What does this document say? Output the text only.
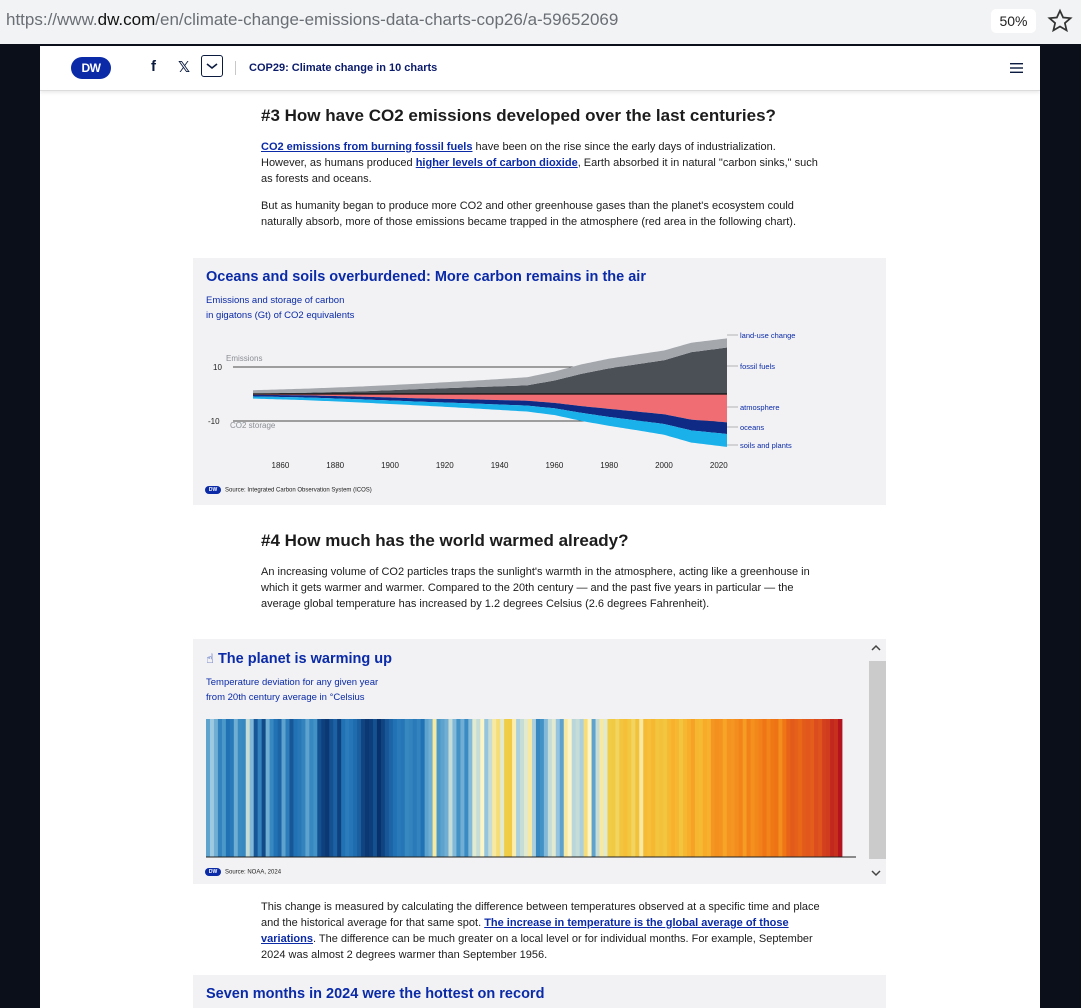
https://www.dw.com/en/climate-change-emissions-data-charts-cop26/a-59652069	50%
DW	f 𝕏	COP29: Climate change in 10 charts
#3 How have CO2 emissions developed over the last centuries?
CO2 emissions from burning fossil fuels have been on the rise since the early days of industrialization. However, as humans produced higher levels of carbon dioxide, Earth absorbed it in natural "carbon sinks," such as forests and oceans.
But as humanity began to produce more CO2 and other greenhouse gases than the planet's ecosystem could naturally absorb, more of those emissions became trapped in the atmosphere (red area in the following chart).
Oceans and soils overburdened: More carbon remains in the air
Emissions and storage of carbon
in gigatons (Gt) of CO2 equivalents
10
-10
Emissions
CO2 storage
1860	1880	1900	1920	1940	1960	1980	2000	2020
land-use change
fossil fuels
atmosphere
oceans
soils and plants
DW Source: Integrated Carbon Observation System (ICOS)
#4 How much has the world warmed already?
An increasing volume of CO2 particles traps the sunlight's warmth in the atmosphere, acting like a greenhouse in which it gets warmer and warmer. Compared to the 20th century — and the past five years in particular — the average global temperature has increased by 1.2 degrees Celsius (2.6 degrees Fahrenheit).
☝ The planet is warming up
Temperature deviation for any given year
from 20th century average in °Celsius
DW Source: NOAA, 2024
This change is measured by calculating the difference between temperatures observed at a specific time and place and the historical average for that same spot. The increase in temperature is the global average of those variations. The difference can be much greater on a local level or for individual months. For example, September 2024 was almost 2 degrees warmer than September 1956.
Seven months in 2024 were the hottest on record
